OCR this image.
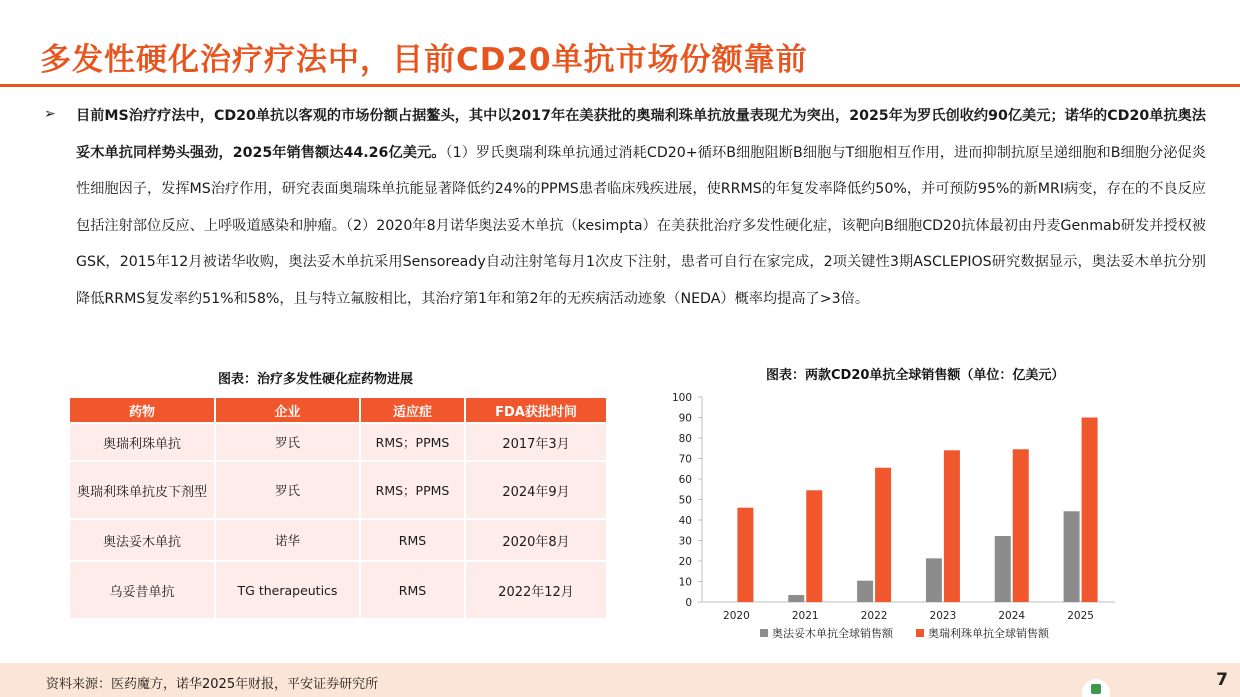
多发性硬化治疗疗法中，目前CD20单抗市场份额靠前
➢ 目前MS治疗疗法中，CD20单抗以客观的市场份额占据鳌头，其中以2017年在美获批的奥瑞利珠单抗放量表现尤为突出，2025年为罗氏创收约90亿美元；诺华的CD20单抗奥法妥木单抗同样势头强劲，2025年销售额达44.26亿美元。（1）罗氏奥瑞利珠单抗通过消耗CD20+循环B细胞阻断B细胞与T细胞相互作用，进而抑制抗原呈递细胞和B细胞分泌促炎性细胞因子，发挥MS治疗作用，研究表面奥瑞珠单抗能显著降低约24%的PPMS患者临床残疾进展，使RRMS的年复发率降低约50%，并可预防95%的新MRI病变，存在的不良反应包括注射部位反应、上呼吸道感染和肿瘤。（2）2020年8月诺华奥法妥木单抗（kesimpta）在美获批治疗多发性硬化症，该靶向B细胞CD20抗体最初由丹麦Genmab研发并授权被GSK，2015年12月被诺华收购，奥法妥木单抗采用Sensoready自动注射笔每月1次皮下注射，患者可自行在家完成，2项关键性3期ASCLEPIOS研究数据显示，奥法妥木单抗分别降低RRMS复发率约51%和58%，且与特立氟胺相比，其治疗第1年和第2年的无疾病活动迹象（NEDA）概率均提高了>3倍。
图表：治疗多发性硬化症药物进展
药物	企业	适应症	FDA获批时间
奥瑞利珠单抗	罗氏	RMS；PPMS	2017年3月
奥瑞利珠单抗皮下剂型	罗氏	RMS；PPMS	2024年9月
奥法妥木单抗	诺华	RMS	2020年8月
乌妥昔单抗	TG therapeutics	RMS	2022年12月
图表：两款CD20单抗全球销售额（单位：亿美元）
0
10
20
30
40
50
60
70
80
90
100
2020	2021	2022	2023	2024	2025
奥法妥木单抗全球销售额	奥瑞利珠单抗全球销售额
资料来源：医药魔方，诺华2025年财报，平安证券研究所	7
